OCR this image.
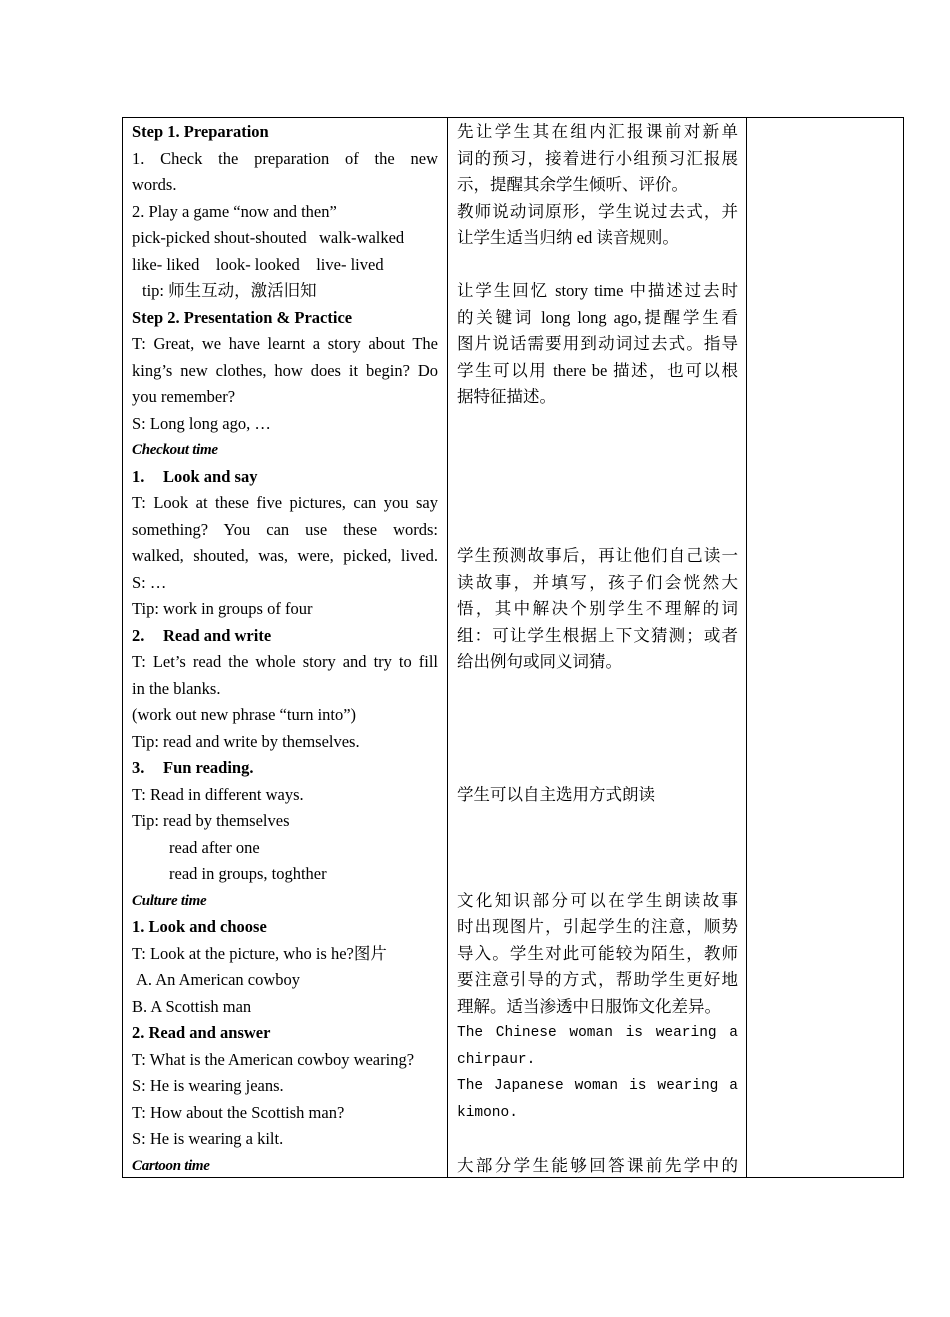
Step 1. Preparation
1. Check the preparation of the new
words.
2. Play a game “now and then”
pick-picked shout-shouted   walk-walked
like- liked    look- looked    live- lived
tip: 师生互动，激活旧知
Step 2. Presentation & Practice
T: Great, we have learnt a story about The
king’s new clothes, how does it begin? Do
you remember?
S: Long long ago, …
Checkout time
1. Look and say
T: Look at these five pictures, can you say
something? You can use these words:
walked, shouted, was, were, picked, lived.
S: …
Tip: work in groups of four
2. Read and write
T: Let’s read the whole story and try to fill
in the blanks.
(work out new phrase “turn into”)
Tip: read and write by themselves.
3. Fun reading.
T: Read in different ways.
Tip: read by themselves
read after one
read in groups, toghther
Culture time
1. Look and choose
T: Look at the picture, who is he?图片
A. An American cowboy
B. A Scottish man
2. Read and answer
T: What is the American cowboy wearing?
S: He is wearing jeans.
T: How about the Scottish man?
S: He is wearing a kilt.
Cartoon time
先让学生其在组内汇报课前对新单
词的预习，接着进行小组预习汇报展
示，提醒其余学生倾听、评价。
教师说动词原形，学生说过去式，并
让学生适当归纳 ed 读音规则。
让学生回忆 story time 中描述过去时
的关键词 long long ago,提醒学生看
图片说话需要用到动词过去式。指导
学生可以用 there be 描述，也可以根
据特征描述。
学生预测故事后，再让他们自己读一
读故事，并填写，孩子们会恍然大
悟，其中解决个别学生不理解的词
组：可让学生根据上下文猜测；或者
给出例句或同义词猜。
学生可以自主选用方式朗读
文化知识部分可以在学生朗读故事
时出现图片，引起学生的注意，顺势
导入。学生对此可能较为陌生，教师
要注意引导的方式，帮助学生更好地
理解。适当渗透中日服饰文化差异。
The Chinese woman is wearing a
chirpaur.
The Japanese woman is wearing a
kimono.
大部分学生能够回答课前先学中的
